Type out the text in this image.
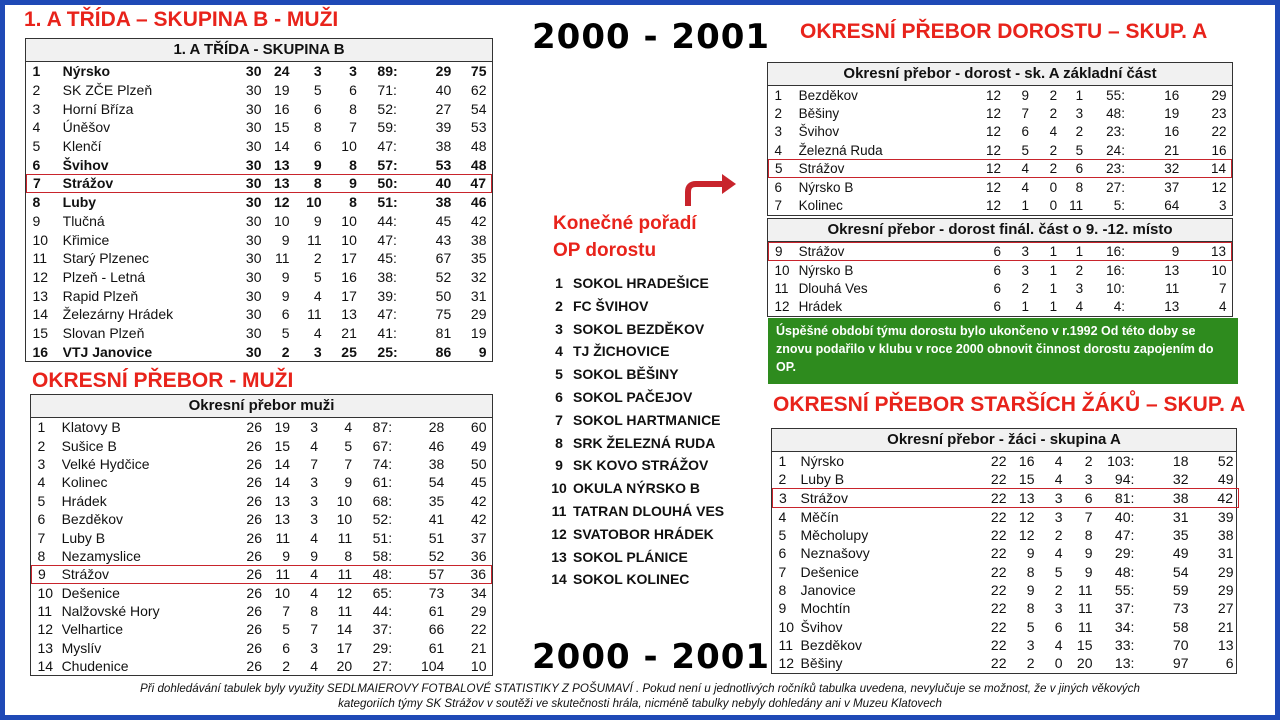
1. A TŘÍDA – SKUPINA B - MUŽI
OKRESNÍ PŘEBOR - MUŽI
OKRESNÍ PŘEBOR DOROSTU – SKUP. A
OKRESNÍ PŘEBOR STARŠÍCH ŽÁKŮ – SKUP. A
2000 - 2001
2000 - 2001
1. A TŘÍDA - SKUPINA B
1	Nýrsko	30	24	3	3	89	:	29	75
2	SK ZČE Plzeň	30	19	5	6	71	:	40	62
3	Horní Bříza	30	16	6	8	52	:	27	54
4	Úněšov	30	15	8	7	59	:	39	53
5	Klenčí	30	14	6	10	47	:	38	48
6	Švihov	30	13	9	8	57	:	53	48
7	Strážov	30	13	8	9	50	:	40	47
8	Luby	30	12	10	8	51	:	38	46
9	Tlučná	30	10	9	10	44	:	45	42
10	Křimice	30	9	11	10	47	:	43	38
11	Starý Plzenec	30	11	2	17	45	:	67	35
12	Plzeň - Letná	30	9	5	16	38	:	52	32
13	Rapid Plzeň	30	9	4	17	39	:	50	31
14	Železárny Hrádek	30	6	11	13	47	:	75	29
15	Slovan Plzeň	30	5	4	21	41	:	81	19
16	VTJ Janovice	30	2	3	25	25	:	86	9
Okresní přebor muži
1	Klatovy B	26	19	3	4	87	:	28	60
2	Sušice B	26	15	4	5	67	:	46	49
3	Velké Hydčice	26	14	7	7	74	:	38	50
4	Kolinec	26	14	3	9	61	:	54	45
5	Hrádek	26	13	3	10	68	:	35	42
6	Bezděkov	26	13	3	10	52	:	41	42
7	Luby B	26	11	4	11	51	:	51	37
8	Nezamyslice	26	9	9	8	58	:	52	36
9	Strážov	26	11	4	11	48	:	57	36
10	Dešenice	26	10	4	12	65	:	73	34
11	Nalžovské Hory	26	7	8	11	44	:	61	29
12	Velhartice	26	5	7	14	37	:	66	22
13	Myslív	26	6	3	17	29	:	61	21
14	Chudenice	26	2	4	20	27	:	104	10
Okresní přebor - dorost - sk. A základní část
1	Bezděkov	12	9	2	1	55	:	16	29
2	Běšiny	12	7	2	3	48	:	19	23
3	Švihov	12	6	4	2	23	:	16	22
4	Železná Ruda	12	5	2	5	24	:	21	16
5	Strážov	12	4	2	6	23	:	32	14
6	Nýrsko B	12	4	0	8	27	:	37	12
7	Kolinec	12	1	0	11	5	:	64	3
Okresní přebor - dorost finál. část o 9. -12. místo
9	Strážov	6	3	1	1	16	:	9	13
10	Nýrsko B	6	3	1	2	16	:	13	10
11	Dlouhá Ves	6	2	1	3	10	:	11	7
12	Hrádek	6	1	1	4	4	:	13	4
Okresní přebor - žáci - skupina A
1	Nýrsko	22	16	4	2	103	:	18	52
2	Luby B	22	15	4	3	94	:	32	49
3	Strážov	22	13	3	6	81	:	38	42
4	Měčín	22	12	3	7	40	:	31	39
5	Měcholupy	22	12	2	8	47	:	35	38
6	Neznašovy	22	9	4	9	29	:	49	31
7	Dešenice	22	8	5	9	48	:	54	29
8	Janovice	22	9	2	11	55	:	59	29
9	Mochtín	22	8	3	11	37	:	73	27
10	Švihov	22	5	6	11	34	:	58	21
11	Bezděkov	22	3	4	15	33	:	70	13
12	Běšiny	22	2	0	20	13	:	97	6
Konečné pořadí
OP dorostu
1 SOKOL HRADEŠICE
2 FC ŠVIHOV
3 SOKOL BEZDĚKOV
4 TJ ŽICHOVICE
5 SOKOL BĚŠINY
6 SOKOL PAČEJOV
7 SOKOL HARTMANICE
8 SRK ŽELEZNÁ RUDA
9 SK KOVO STRÁŽOV
10 OKULA NÝRSKO B
11 TATRAN DLOUHÁ VES
12 SVATOBOR HRÁDEK
13 SOKOL PLÁNICE
14 SOKOL KOLINEC
Úspěšné období týmu dorostu bylo ukončeno v r.1992 Od této doby se znovu podařilo v klubu v roce 2000 obnovit činnost dorostu zapojením do OP.
Při dohledávání tabulek byly využity SEDLMAIEROVY FOTBALOVÉ STATISTIKY Z POŠUMAVÍ . Pokud není u jednotlivých ročníků tabulka uvedena, nevylučuje se možnost, že v jiných věkových
kategoriích týmy SK Strážov v soutěži ve skutečnosti hrála, nicméně tabulky nebyly dohledány ani v Muzeu Klatovech
